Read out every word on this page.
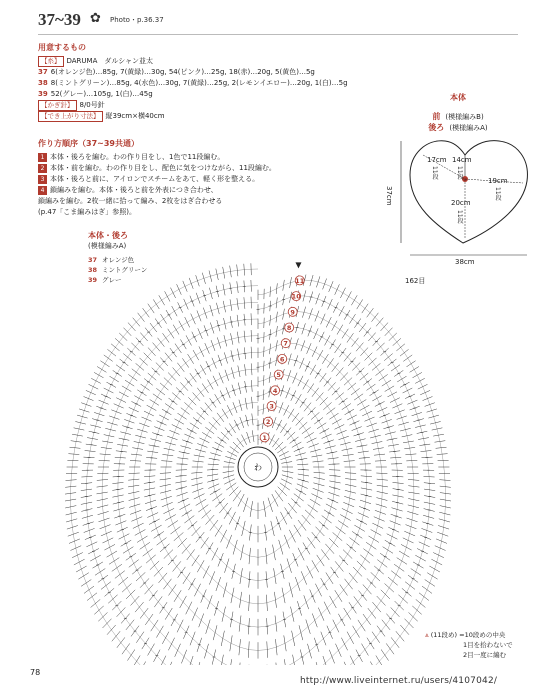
37~39 ✿ Photo・p.36.37
用意するもの
【糸】 DARUMA　ダルシャン並太
37 6(オレンジ色)…85g, 7(黄緑)…30g, 54(ピンク)…25g, 18(赤)…20g, 5(黄色)…5g
38 8(ミントグリーン)…85g, 4(水色)…30g, 7(黄緑)…25g, 2(レモンイエロー)…20g, 1(白)…5g
39 52(グレー)…105g, 1(白)…45g
【かぎ針】 8/0号針
【でき上がり寸法】 縦39cm×横40cm
作り方順序（37~39共通）
1 本体・後ろを編む。わの作り目をし、1色で11段編む。
2 本体・前を編む。わの作り目をし、配色に気をつけながら、11段編む。
3 本体・後ろと前に、アイロンでスチームをあて、軽く形を整える。
4 鎖編みを編む。本体・後ろと前を外表につき合わせ、
鎖編みを編む。2枚一緒に拾って編み、2枚をはぎ合わせる
(p.47「こま編みはぎ」参照)。
本体
前 (模様編みB)
後ろ (模様編みA)
17cm
11段
14cm
11段
19cm
11段
20cm
11段
37cm
38cm
本体・後ろ
(模様編みA)
37 オレンジ色
38 ミントグリーン
39 グレー
わ
1
2
3
4
5
6
7
8
9
10
11	162目
⩓ (11段め) =10段めの中央
1目を拾わないで
2目一度に編む
78
http://www.liveinternet.ru/users/4107042/
